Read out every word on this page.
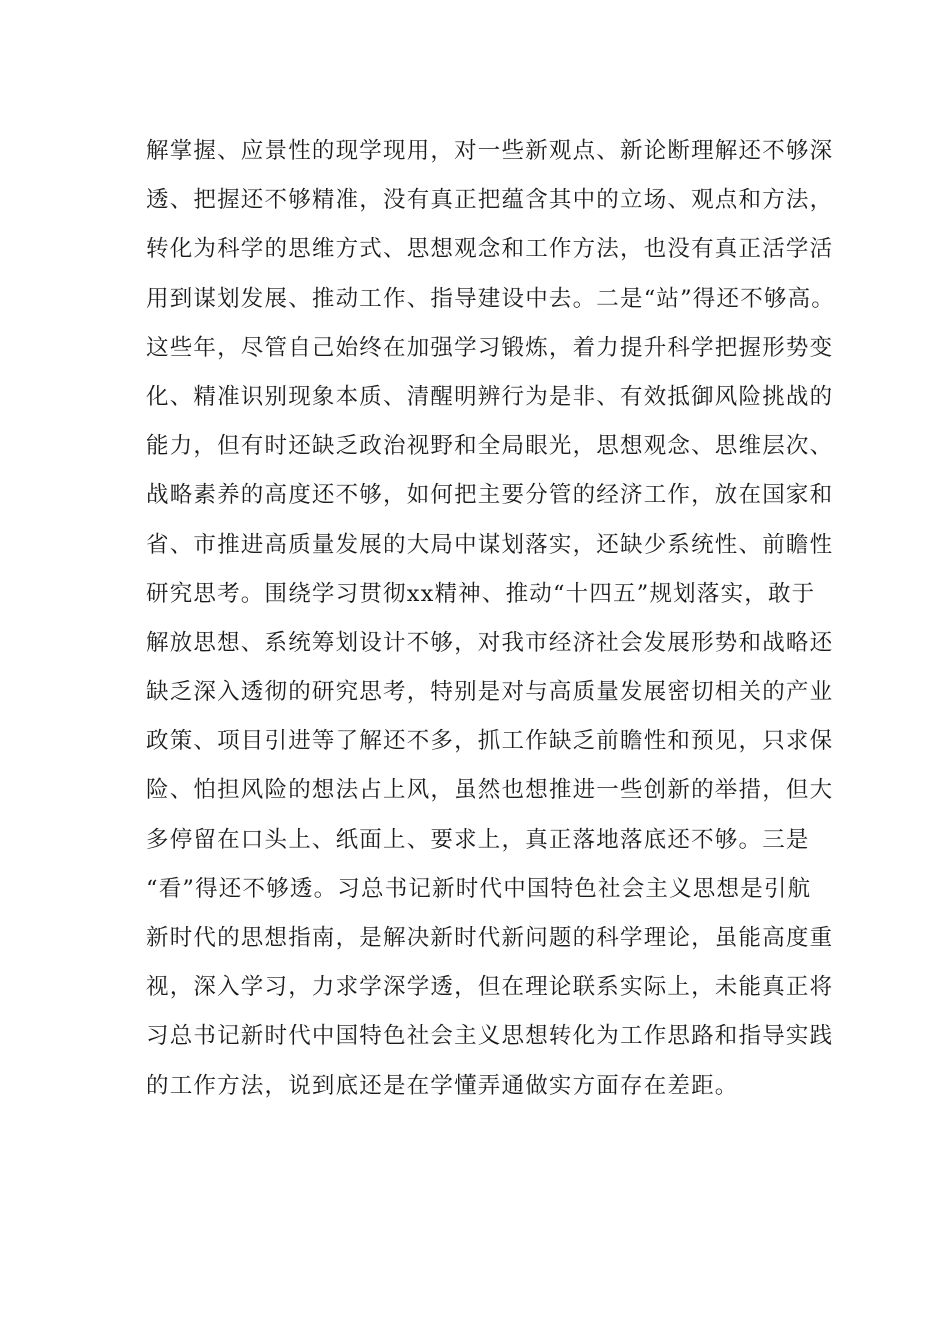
解掌握、应景性的现学现用，对一些新观点、新论断理解还不够深
透、把握还不够精准，没有真正把蕴含其中的立场、观点和方法，
转化为科学的思维方式、思想观念和工作方法，也没有真正活学活
用到谋划发展、推动工作、指导建设中去。二是“站”得还不够高。
这些年，尽管自己始终在加强学习锻炼，着力提升科学把握形势变
化、精准识别现象本质、清醒明辨行为是非、有效抵御风险挑战的
能力，但有时还缺乏政治视野和全局眼光，思想观念、思维层次、
战略素养的高度还不够，如何把主要分管的经济工作，放在国家和
省、市推进高质量发展的大局中谋划落实，还缺少系统性、前瞻性
研究思考。围绕学习贯彻xx精神、推动“十四五”规划落实，敢于
解放思想、系统筹划设计不够，对我市经济社会发展形势和战略还
缺乏深入透彻的研究思考，特别是对与高质量发展密切相关的产业
政策、项目引进等了解还不多，抓工作缺乏前瞻性和预见，只求保
险、怕担风险的想法占上风，虽然也想推进一些创新的举措，但大
多停留在口头上、纸面上、要求上，真正落地落底还不够。三是
“看”得还不够透。习总书记新时代中国特色社会主义思想是引航
新时代的思想指南，是解决新时代新问题的科学理论，虽能高度重
视，深入学习，力求学深学透，但在理论联系实际上，未能真正将
习总书记新时代中国特色社会主义思想转化为工作思路和指导实践
的工作方法，说到底还是在学懂弄通做实方面存在差距。
